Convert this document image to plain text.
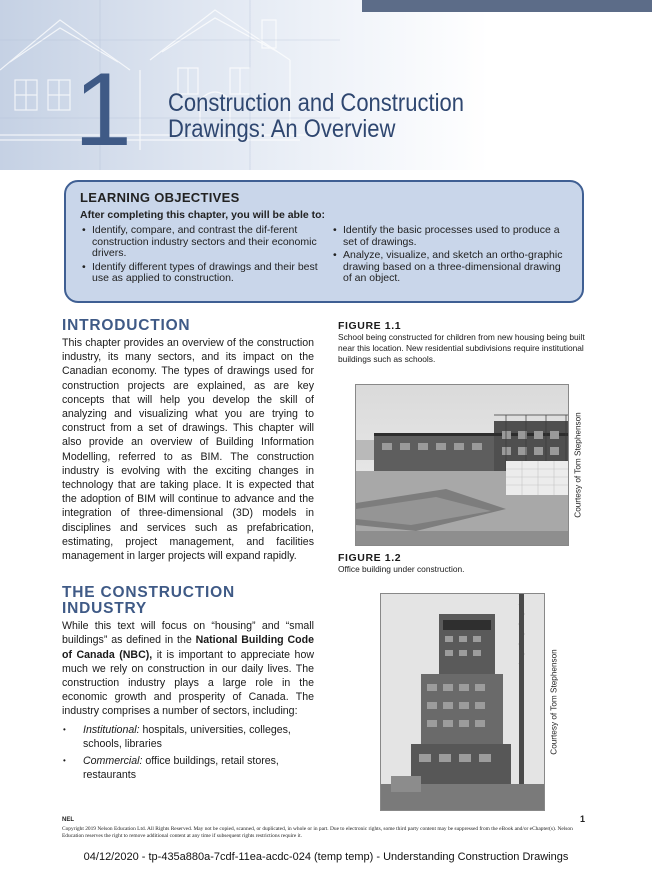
1 Construction and Construction
Drawings: An Overview
LEARNING OBJECTIVES
After completing this chapter, you will be able to:
• Identify, compare, and contrast the dif-ferent construction industry sectors and their economic drivers.
• Identify different types of drawings and their best use as applied to construction.
• Identify the basic processes used to produce a set of drawings.
• Analyze, visualize, and sketch an ortho-graphic drawing based on a three-dimensional drawing of an object.
INTRODUCTION

This chapter provides an overview of the construction industry, its many sectors, and its impact on the Canadian economy. The types of drawings used for construction projects are explained, as are key concepts that will help you develop the skill of analyzing and visualizing what you are trying to construct from a set of drawings. This chapter will also provide an overview of Building Information Modelling, referred to as BIM. The construction industry is evolving with the exciting changes in technology that are taking place. It is expected that the adoption of BIM will continue to advance and the integration of three-dimensional (3D) models in disciplines and services such as prefabrication, estimating, project management, and facilities management in larger projects will expand rapidly.

THE CONSTRUCTION
INDUSTRY

While this text will focus on “housing” and “small buildings” as defined in the National Building Code of Canada (NBC), it is important to appreciate how much we rely on construction in our daily lives. The construction industry plays a large role in the economic growth and prosperity of Canada. The industry comprises a number of sectors, including:

• Institutional: hospitals, universities, colleges, schools, libraries
• Commercial: office buildings, retail stores, restaurants
FIGURE 1.1
School being constructed for children from new housing being built near this location. New residential subdivisions require institutional buildings such as schools.
Courtesy of Tom Stephenson
FIGURE 1.2
Office building under construction.
Courtesy of Tom Stephenson
NEL	1
Copyright 2019 Nelson Education Ltd. All Rights Reserved. May not be copied, scanned, or duplicated, in whole or in part. Due to electronic rights, some third party content may be suppressed from the eBook and/or eChapter(s). Nelson Education reserves the right to remove additional content at any time if subsequent rights restrictions require it.
04/12/2020 - tp-435a880a-7cdf-11ea-acdc-024 (temp temp) - Understanding Construction Drawings
